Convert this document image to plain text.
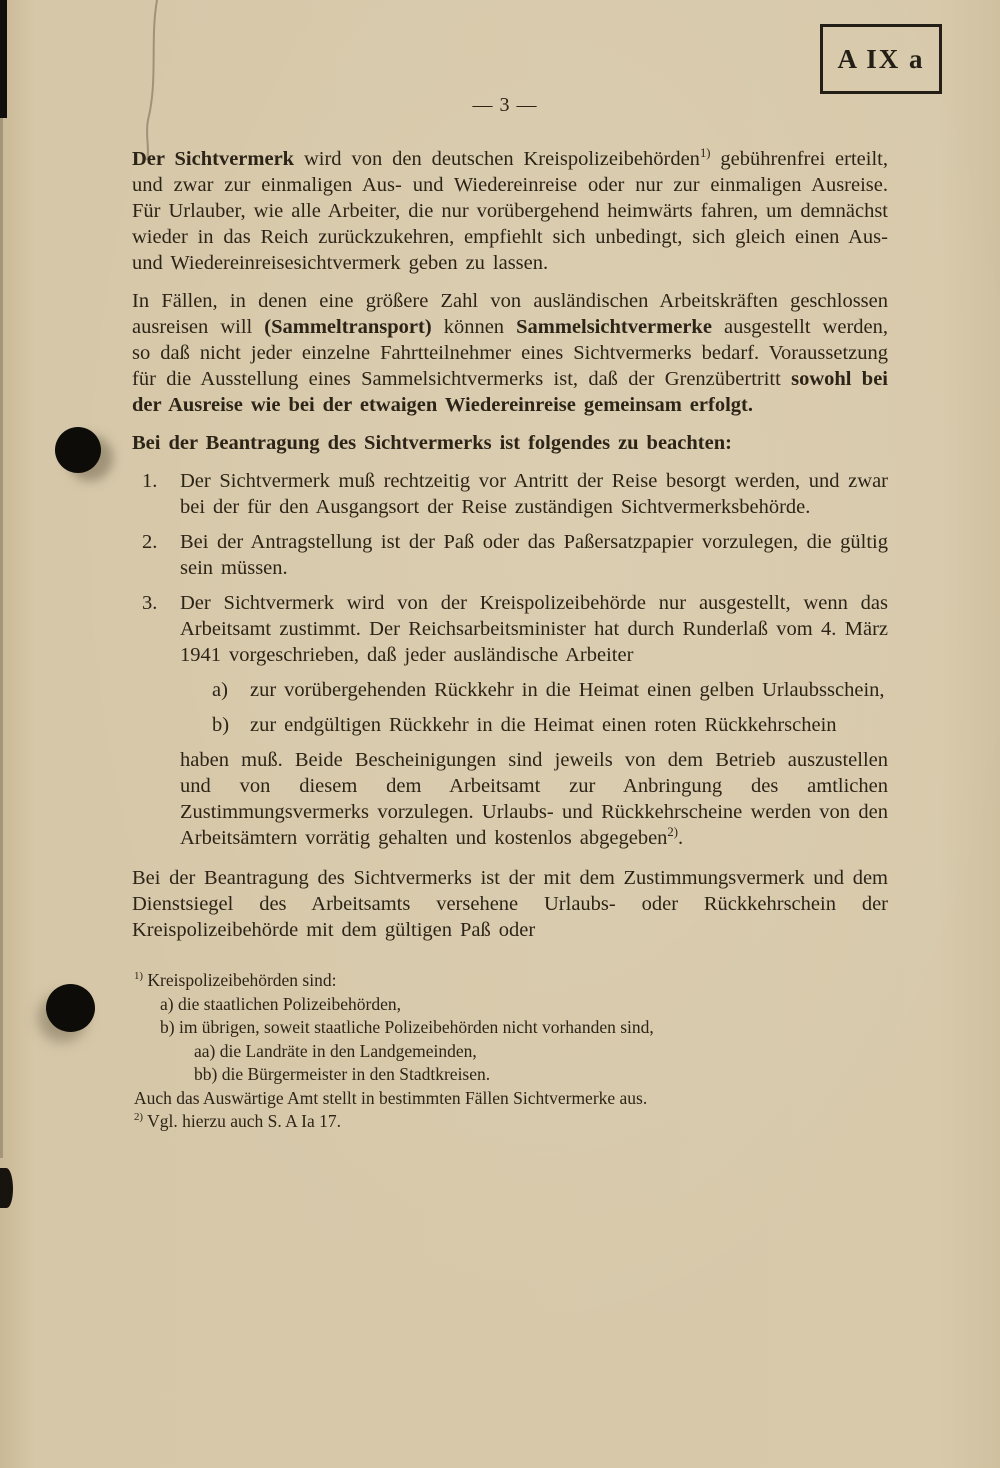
A IX a
— 3 —

Der Sichtvermerk wird von den deutschen Kreispolizeibehörden$^{1)}$ gebührenfrei erteilt, und zwar zur einmaligen Aus- und Wiedereinreise oder nur zur einmaligen Ausreise. Für Urlauber, wie alle Arbeiter, die nur vorübergehend heimwärts fahren, um demnächst wieder in das Reich zurückzukehren, empfiehlt sich unbedingt, sich gleich einen Aus- und Wiedereinreisesichtvermerk geben zu lassen.

In Fällen, in denen eine größere Zahl von ausländischen Arbeitskräften geschlossen ausreisen will (Sammeltransport) können Sammelsichtvermerke ausgestellt werden, so daß nicht jeder einzelne Fahrtteilnehmer eines Sichtvermerks bedarf. Voraussetzung für die Ausstellung eines Sammelsichtvermerks ist, daß der Grenzübertritt sowohl bei der Ausreise wie bei der etwaigen Wiedereinreise gemeinsam erfolgt.

Bei der Beantragung des Sichtvermerks ist folgendes zu beachten:

1.	Der Sichtvermerk muß rechtzeitig vor Antritt der Reise besorgt werden, und zwar bei der für den Ausgangsort der Reise zuständigen Sichtvermerksbehörde.
2.	Bei der Antragstellung ist der Paß oder das Paßersatzpapier vorzulegen, die gültig sein müssen.
3.	Der Sichtvermerk wird von der Kreispolizeibehörde nur ausgestellt, wenn das Arbeitsamt zustimmt. Der Reichsarbeitsminister hat durch Runderlaß vom 4. März 1941 vorgeschrieben, daß jeder ausländische Arbeiter
a)	zur vorübergehenden Rückkehr in die Heimat einen gelben Urlaubsschein,
b)	zur endgültigen Rückkehr in die Heimat einen roten Rückkehrschein
haben muß. Beide Bescheinigungen sind jeweils von dem Betrieb auszustellen und von diesem dem Arbeitsamt zur Anbringung des amtlichen Zustimmungsvermerks vorzulegen. Urlaubs- und Rückkehrscheine werden von den Arbeitsämtern vorrätig gehalten und kostenlos abgegeben$^{2)}$.

Bei der Beantragung des Sichtvermerks ist der mit dem Zustimmungsvermerk und dem Dienstsiegel des Arbeitsamts versehene Urlaubs- oder Rückkehrschein der Kreispolizeibehörde mit dem gültigen Paß oder

$^{1)}$ Kreispolizeibehörden sind:
a) die staatlichen Polizeibehörden,
b) im übrigen, soweit staatliche Polizeibehörden nicht vorhanden sind,
aa) die Landräte in den Landgemeinden,
bb) die Bürgermeister in den Stadtkreisen.
Auch das Auswärtige Amt stellt in bestimmten Fällen Sichtvermerke aus.
$^{2)}$ Vgl. hierzu auch S. A Ia 17.
